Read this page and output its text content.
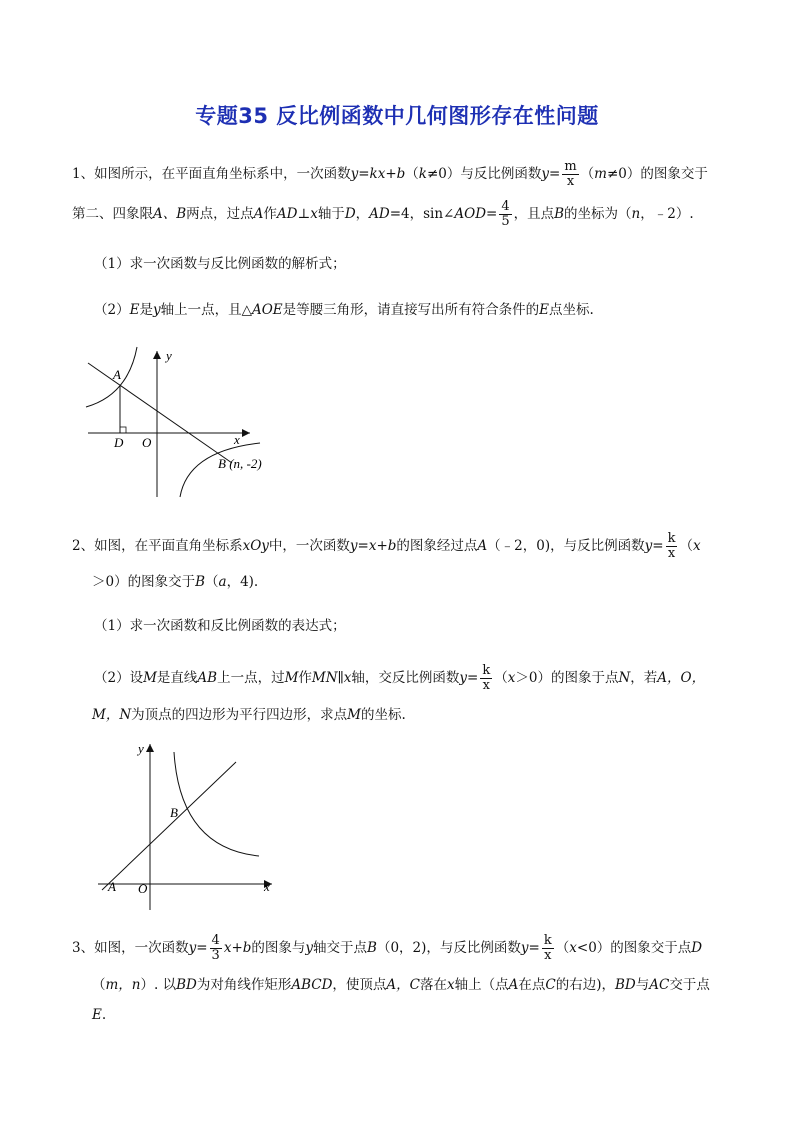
专题35 反比例函数中几何图形存在性问题
1、如图所示，在平面直角坐标系中，一次函数y=kx+b（k≠0）与反比例函数$y= \frac{m}{x} (m\ne 0)$的图象交于
第二、四象限A、B两点，过点A作AD⊥x轴于D，AD=4，sin∠AOD= $\frac{4}{5}$ ，且点B的坐标为（n，﹣2）.
（1）求一次函数与反比例函数的解析式；
（2）E是y轴上一点，且△AOE是等腰三角形，请直接写出所有符合条件的E点坐标.
A
D O	x
y
B (n, -2)
2、如图，在平面直角坐标系xOy中，一次函数y=x+b的图象经过点A（﹣2，0)，与反比例函数$y= \frac{k}{x} (x$
＞0）的图象交于B（a，4).
（1）求一次函数和反比例函数的表达式；
（2）设M是直线AB上一点，过M作MN∥x轴，交反比例函数$y= \frac{k}{x} (x>0)$的图象于点N，若A，O，
M，N为顶点的四边形为平行四边形，求点M的坐标.
A O
B
x
y
3、如图，一次函数$y= \frac{4}{3} x+b$的图象与y轴交于点B（0，2)，与反比例函数$y= \frac{k}{x} (x<0)$的图象交于点D
（m，n）. 以BD为对角线作矩形ABCD，使顶点A，C落在x轴上（点A在点C的右边)，BD与AC交于点
E.
